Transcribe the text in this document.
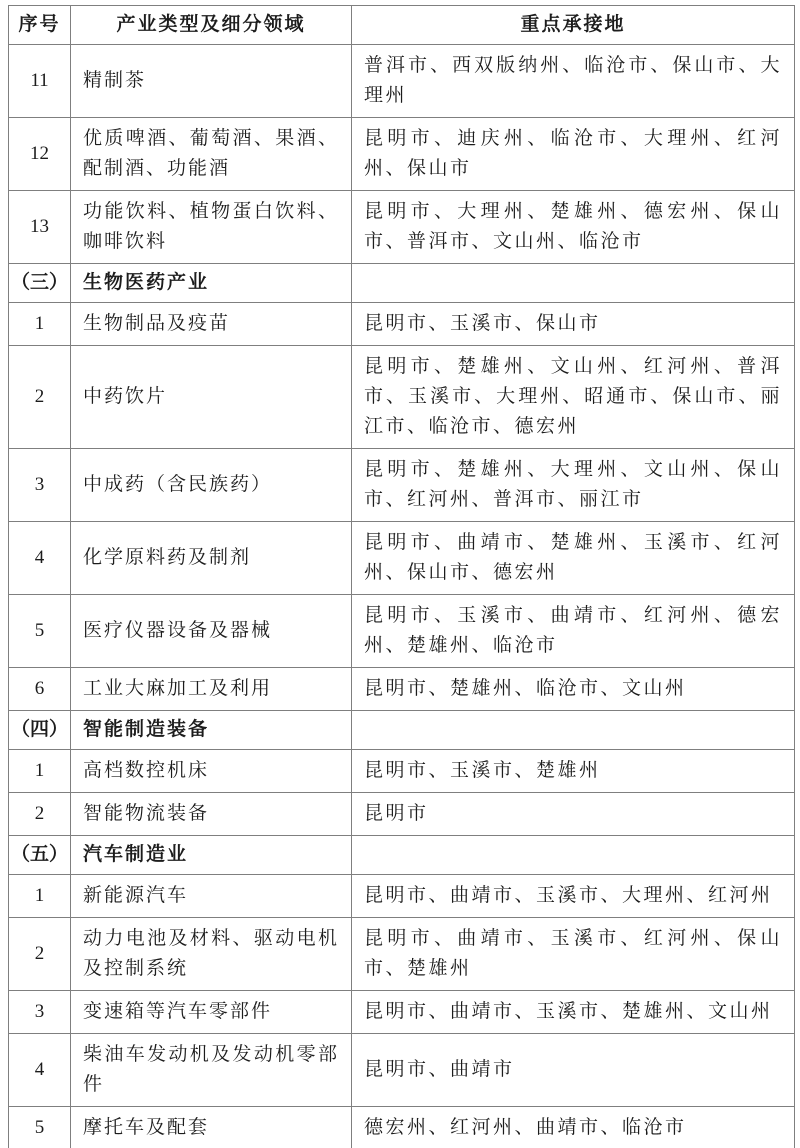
序号	产业类型及细分领域	重点承接地
11	精制茶	普洱市、西双版纳州、临沧市、保山市、大理州
12	优质啤酒、葡萄酒、果酒、配制酒、功能酒	昆明市、迪庆州、临沧市、大理州、红河州、保山市
13	功能饮料、植物蛋白饮料、咖啡饮料	昆明市、大理州、楚雄州、德宏州、保山市、普洱市、文山州、临沧市
（三）	生物医药产业	
1	生物制品及疫苗	昆明市、玉溪市、保山市
2	中药饮片	昆明市、楚雄州、文山州、红河州、普洱市、玉溪市、大理州、昭通市、保山市、丽江市、临沧市、德宏州
3	中成药（含民族药）	昆明市、楚雄州、大理州、文山州、保山市、红河州、普洱市、丽江市
4	化学原料药及制剂	昆明市、曲靖市、楚雄州、玉溪市、红河州、保山市、德宏州
5	医疗仪器设备及器械	昆明市、玉溪市、曲靖市、红河州、德宏州、楚雄州、临沧市
6	工业大麻加工及利用	昆明市、楚雄州、临沧市、文山州
（四）	智能制造装备	
1	高档数控机床	昆明市、玉溪市、楚雄州
2	智能物流装备	昆明市
（五）	汽车制造业	
1	新能源汽车	昆明市、曲靖市、玉溪市、大理州、红河州
2	动力电池及材料、驱动电机及控制系统	昆明市、曲靖市、玉溪市、红河州、保山市、楚雄州
3	变速箱等汽车零部件	昆明市、曲靖市、玉溪市、楚雄州、文山州
4	柴油车发动机及发动机零部件	昆明市、曲靖市
5	摩托车及配套	德宏州、红河州、曲靖市、临沧市
